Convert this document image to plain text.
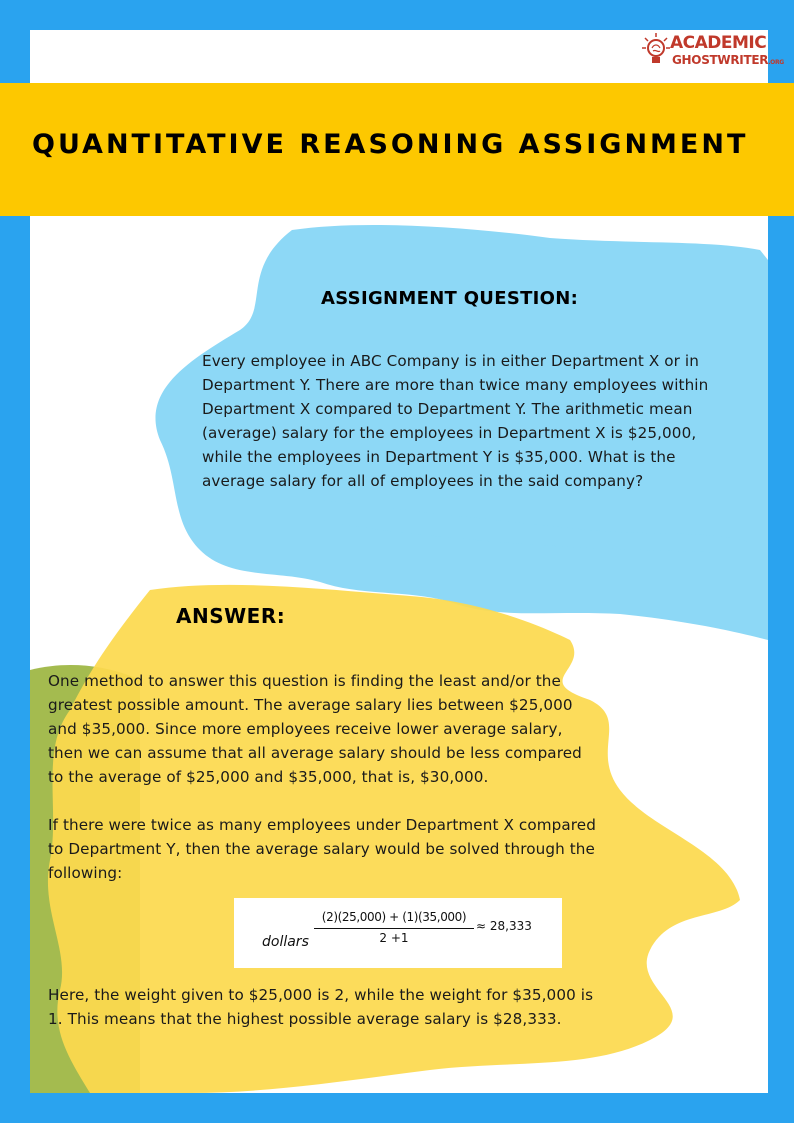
ACADEMIC
GHOSTWRITER.ORG
QUANTITATIVE REASONING ASSIGNMENT
ASSIGNMENT QUESTION:
Every employee in ABC Company is in either Department X or in Department Y. There are more than twice many employees within Department X compared to Department Y. The arithmetic mean (average) salary for the employees in Department X is $25,000, while the employees in Department Y is $35,000. What is the average salary for all of employees in the said company?
ANSWER:
One method to answer this question is finding the least and/or the greatest possible amount. The average salary lies between $25,000 and $35,000. Since more employees receive lower average salary, then we can assume that all average salary should be less compared to the average of $25,000 and $35,000, that is, $30,000.
If there were twice as many employees under Department X compared to Department Y, then the average salary would be solved through the following:
dollars
(2)(25,000) + (1)(35,000)
2 +1
≈ 28,333
Here, the weight given to $25,000 is 2, while the weight for $35,000 is 1. This means that the highest possible average salary is $28,333.
